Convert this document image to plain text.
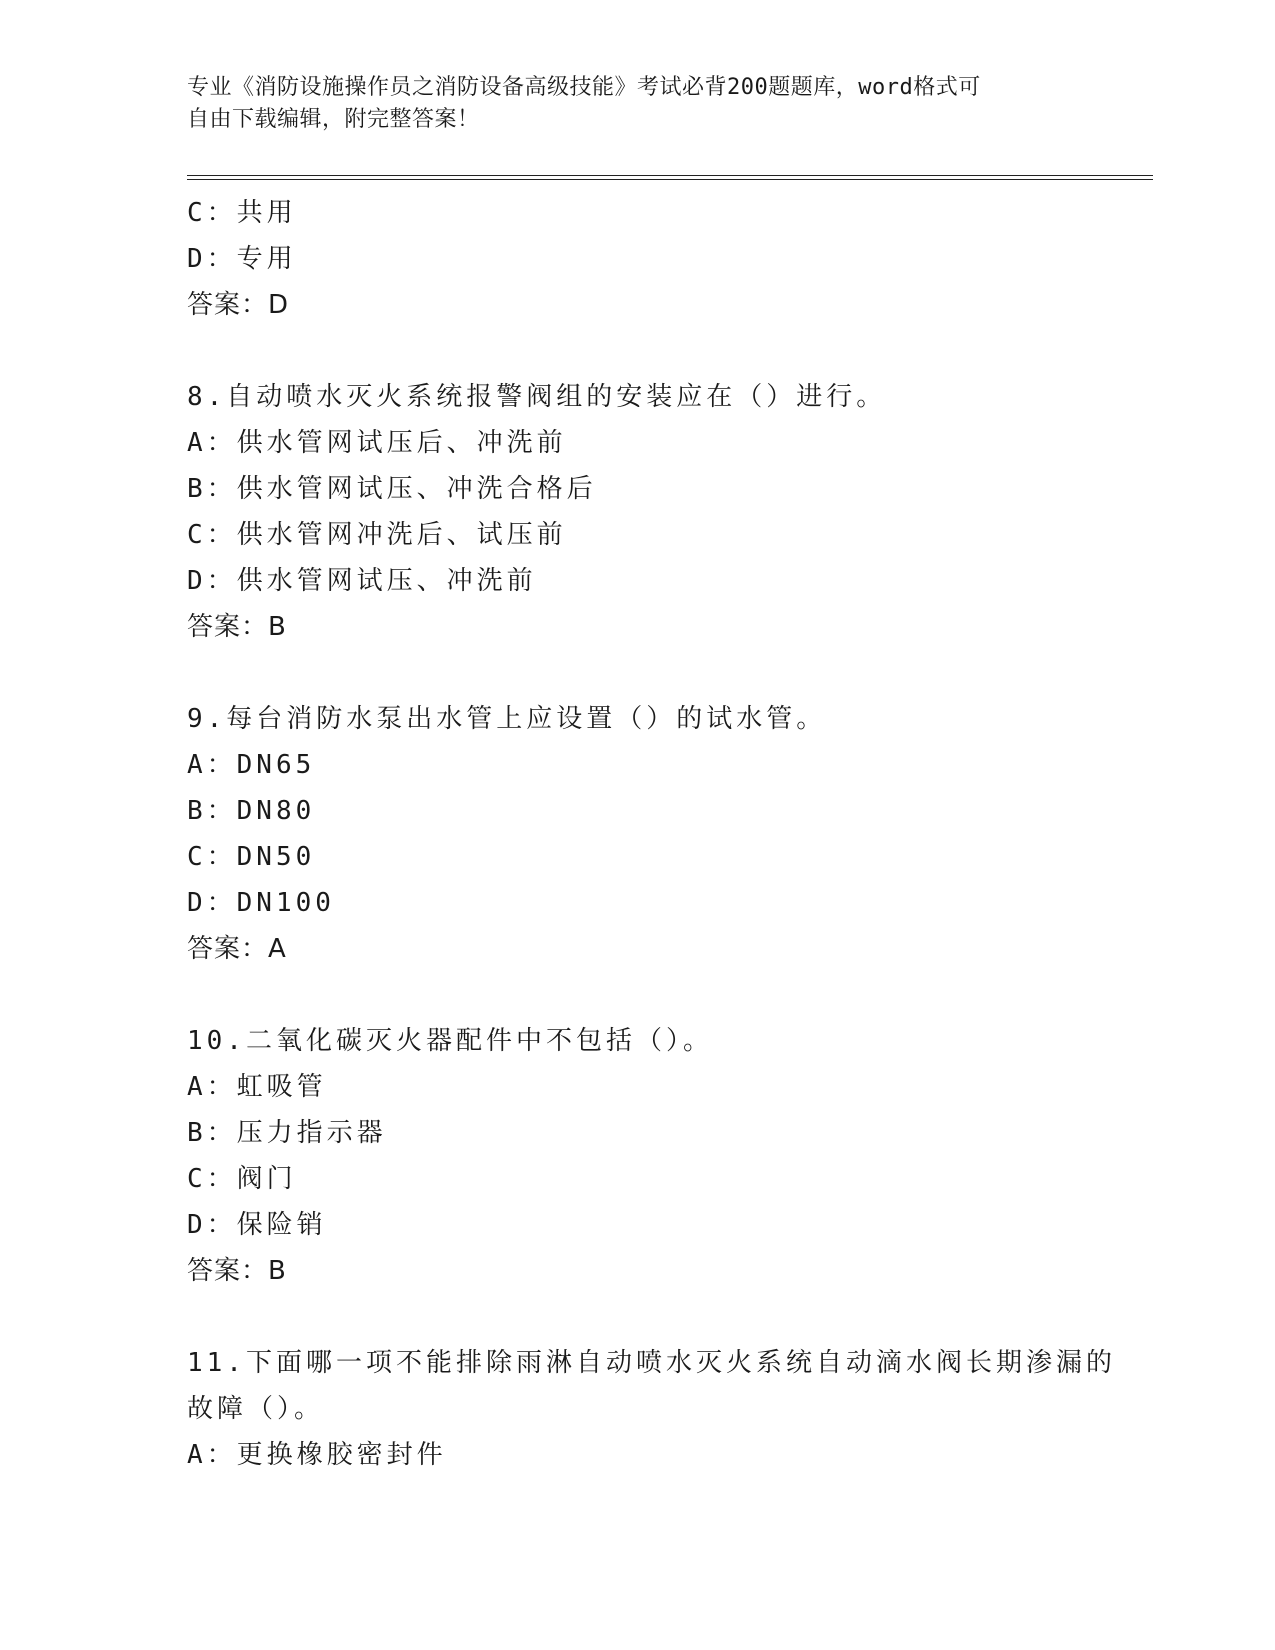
专业《消防设施操作员之消防设备高级技能》考试必背200题题库，word格式可
自由下载编辑，附完整答案！
C：共用
D：专用
答案：D
8.自动喷水灭火系统报警阀组的安装应在（）进行。
A：供水管网试压后、冲洗前
B：供水管网试压、冲洗合格后
C：供水管网冲洗后、试压前
D：供水管网试压、冲洗前
答案：B
9.每台消防水泵出水管上应设置（）的试水管。
A：DN65
B：DN80
C：DN50
D：DN100
答案：A
10.二氧化碳灭火器配件中不包括（）。
A：虹吸管
B：压力指示器
C：阀门
D：保险销
答案：B
11.下面哪一项不能排除雨淋自动喷水灭火系统自动滴水阀长期渗漏的
故障（）。
A：更换橡胶密封件
